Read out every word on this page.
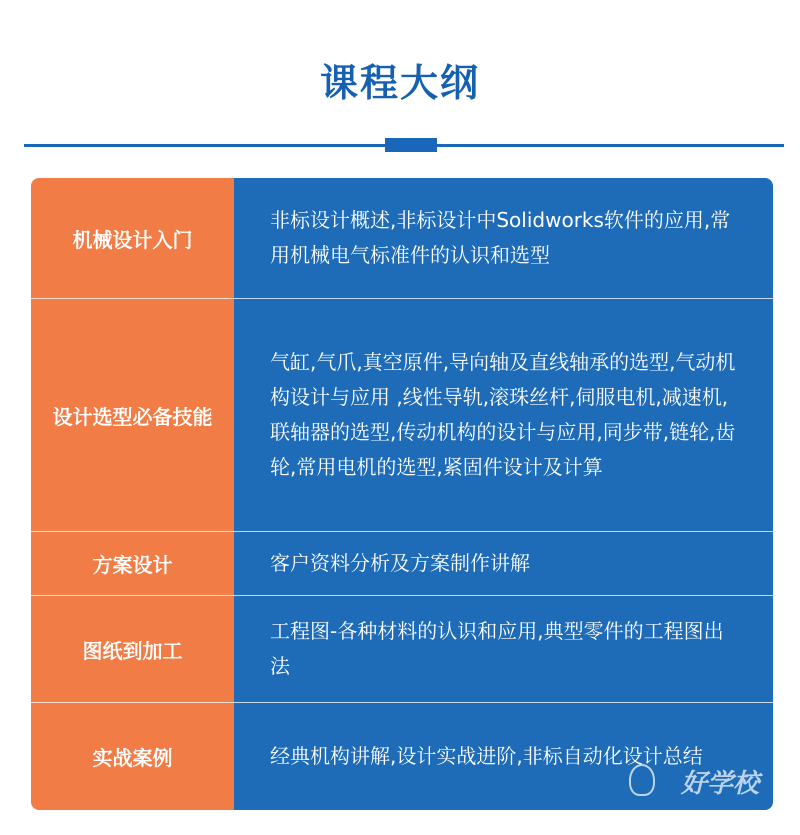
课程大纲
机械设计入门
非标设计概述,非标设计中Solidworks软件的应用,常用机械电气标准件的认识和选型
设计选型必备技能
气缸,气爪,真空原件,导向轴及直线轴承的选型,气动机构设计与应用 ,线性导轨,滚珠丝杆,伺服电机,减速机,联轴器的选型,传动机构的设计与应用,同步带,链轮,齿轮,常用电机的选型,紧固件设计及计算
方案设计	客户资料分析及方案制作讲解
图纸到加工
工程图-各种材料的认识和应用,典型零件的工程图出法
实战案例	经典机构讲解,设计实战进阶,非标自动化设计总结
好学校
